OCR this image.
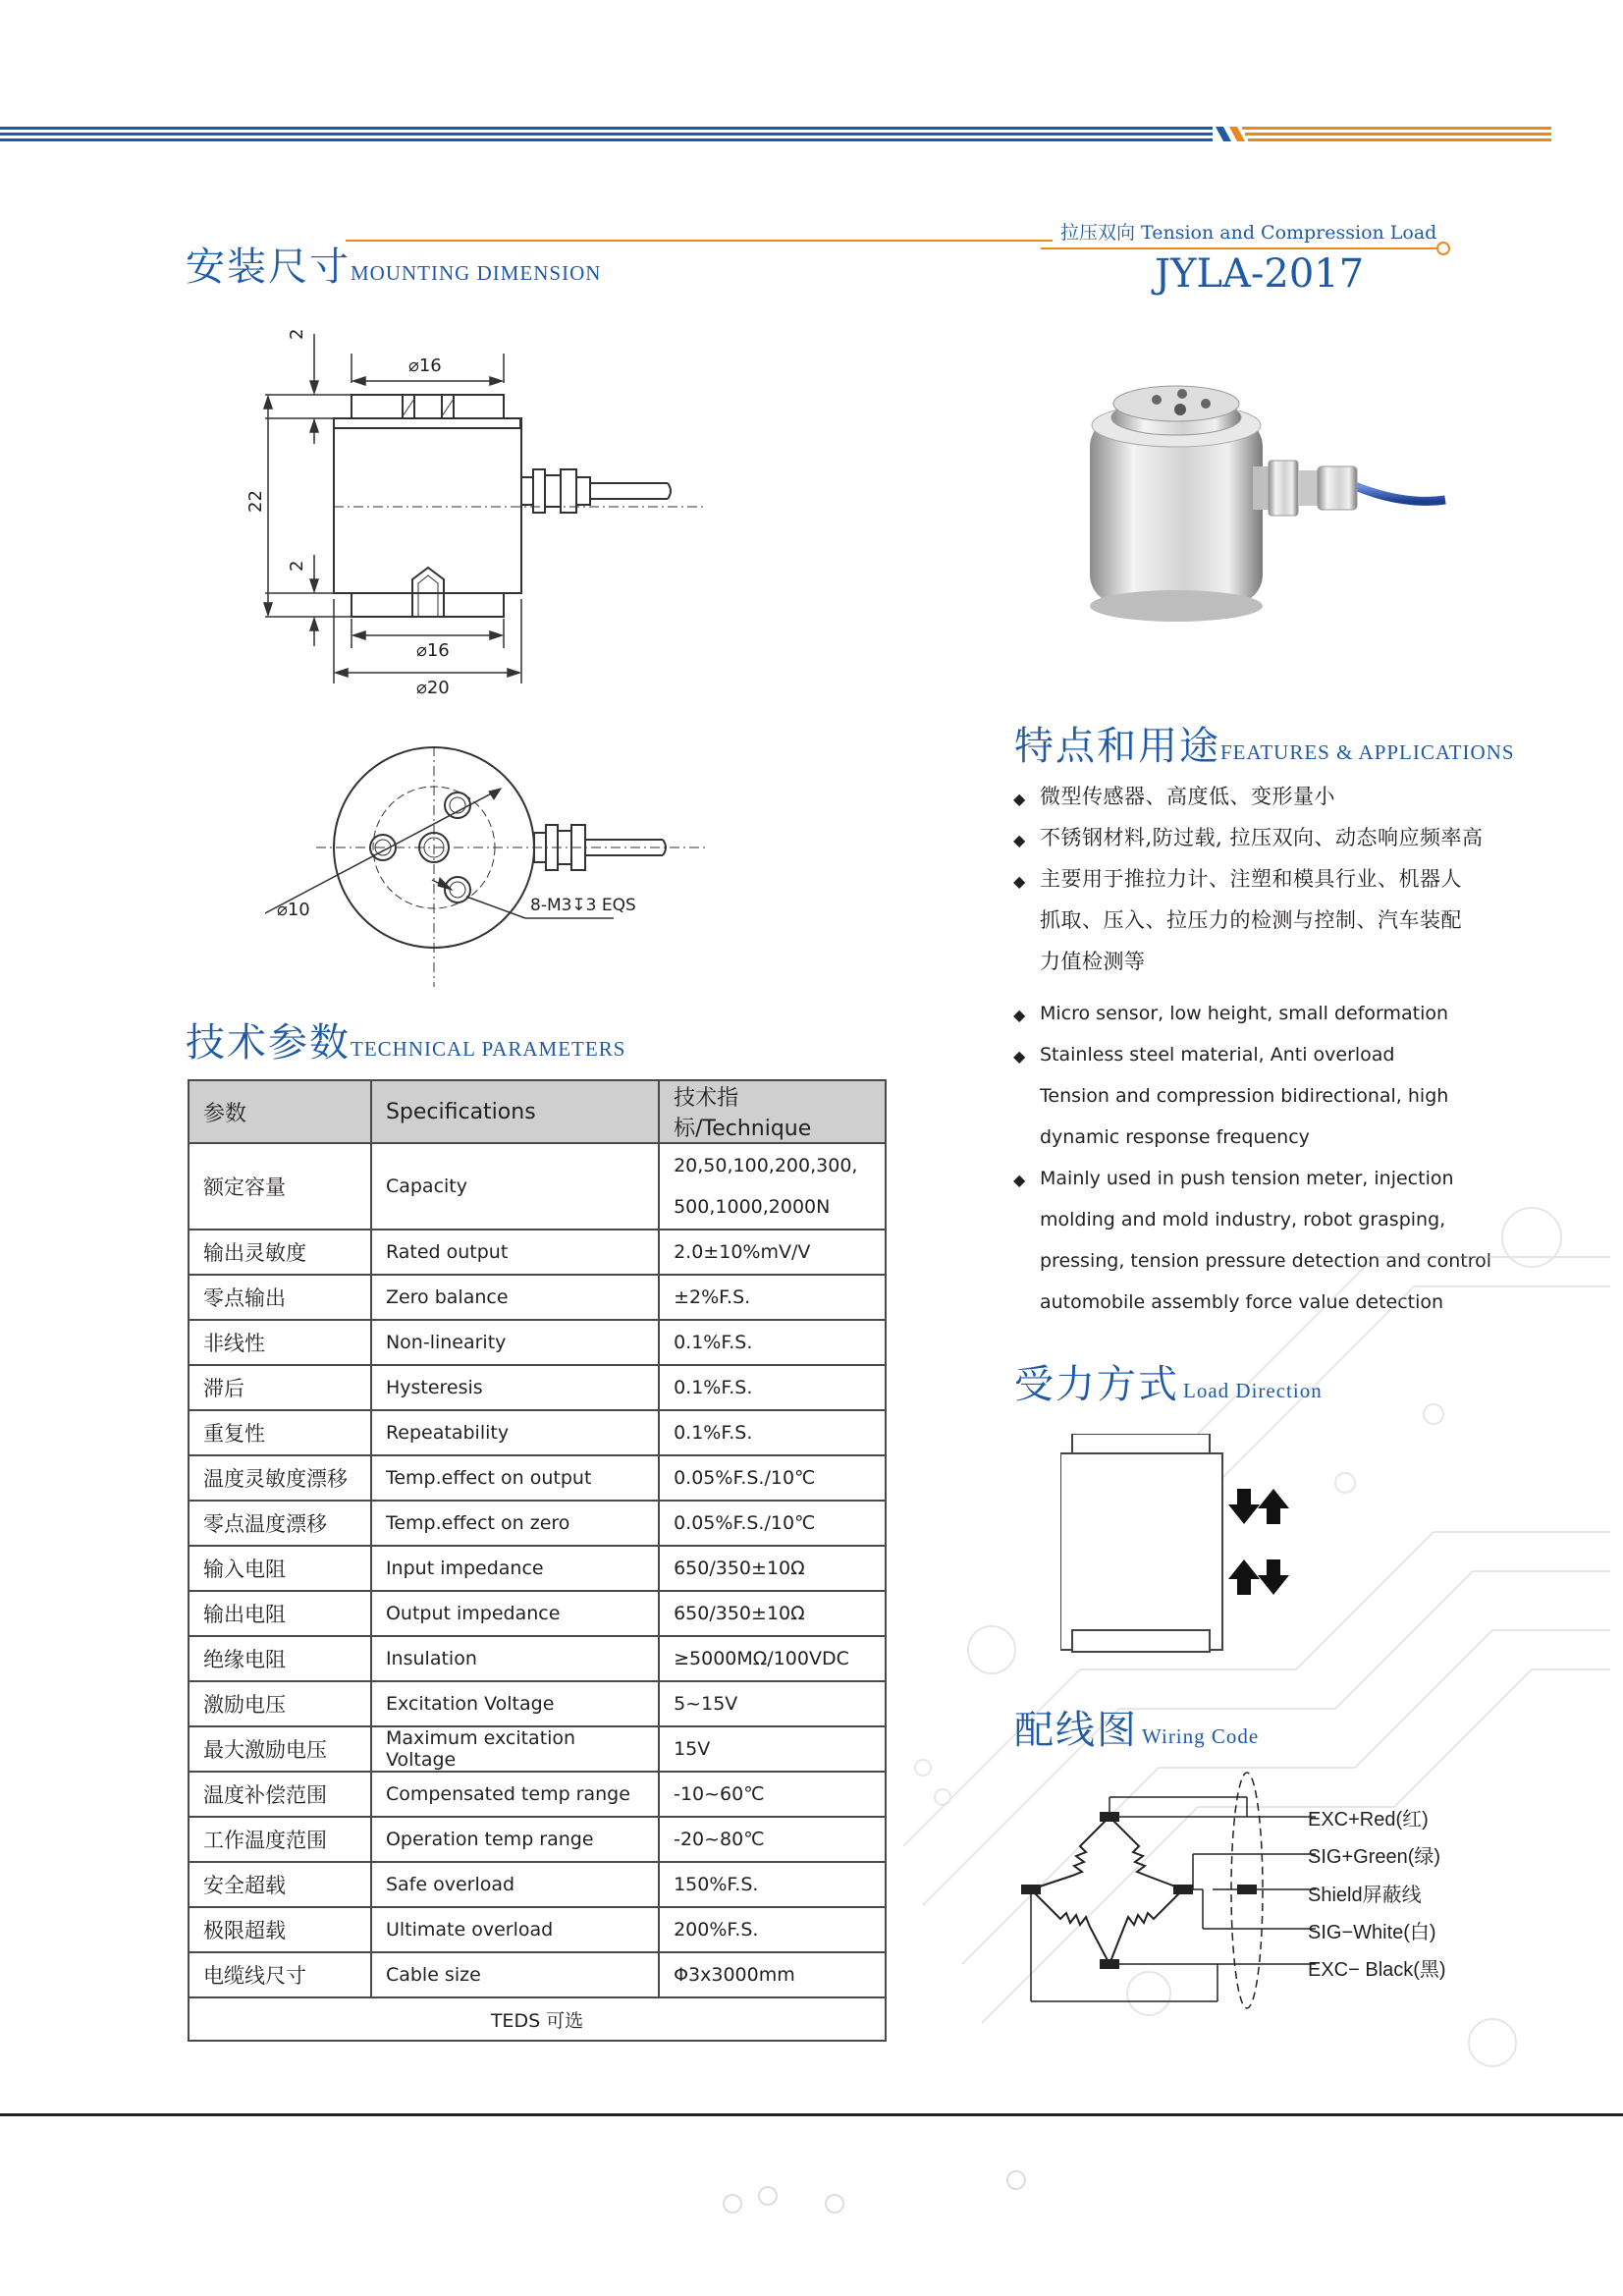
拉压双向 Tension and Compression Load
JYLA-2017
安装尺寸MOUNTING DIMENSION
2
⌀16
22
2
⌀16
⌀20
⌀10	8-M3↧3 EQS
特点和用途FEATURES & APPLICATIONS
◆
◆
◆
微型传感器、高度低、变形量小
不锈钢材料,防过载, 拉压双向、动态响应频率高
主要用于推拉力计、注塑和模具行业、机器人
抓取、压入、拉压力的检测与控制、汽车装配
力值检测等
◆
◆
◆
Micro sensor, low height, small deformation
Stainless steel material, Anti overload
Tension and compression bidirectional, high
dynamic response frequency
Mainly used in push tension meter, injection
molding and mold industry, robot grasping,
pressing, tension pressure detection and control
automobile assembly force value detection
受力方式 Load Direction
配线图 Wiring Code
EXC+Red(红)
SIG+Green(绿)
Shield屏蔽线
SIG−White(白)
EXC− Black(黑)
技术参数TECHNICAL PARAMETERS
参数	Specifications	技术指标/Technique
额定容量	Capacity	20,50,100,200,300,
500,1000,2000N

输出灵敏度	Rated output	2.0±10%mV/V
零点输出	Zero balance	±2%F.S.
非线性	Non-linearity	0.1%F.S.
滞后	Hysteresis	0.1%F.S.
重复性	Repeatability	0.1%F.S.
温度灵敏度漂移	Temp.effect on output	0.05%F.S./10℃
零点温度漂移	Temp.effect on zero	0.05%F.S./10℃
输入电阻	Input impedance	650/350±10Ω
输出电阻	Output impedance	650/350±10Ω
绝缘电阻	Insulation	≥5000MΩ/100VDC
激励电压	Excitation Voltage	5~15V
最大激励电压	Maximum excitation Voltage	15V
温度补偿范围	Compensated temp range	-10~60℃
工作温度范围	Operation temp range	-20~80℃
安全超载	Safe overload	150%F.S.
极限超载	Ultimate overload	200%F.S.
电缆线尺寸	Cable size	Φ3x3000mm
TEDS 可选		
